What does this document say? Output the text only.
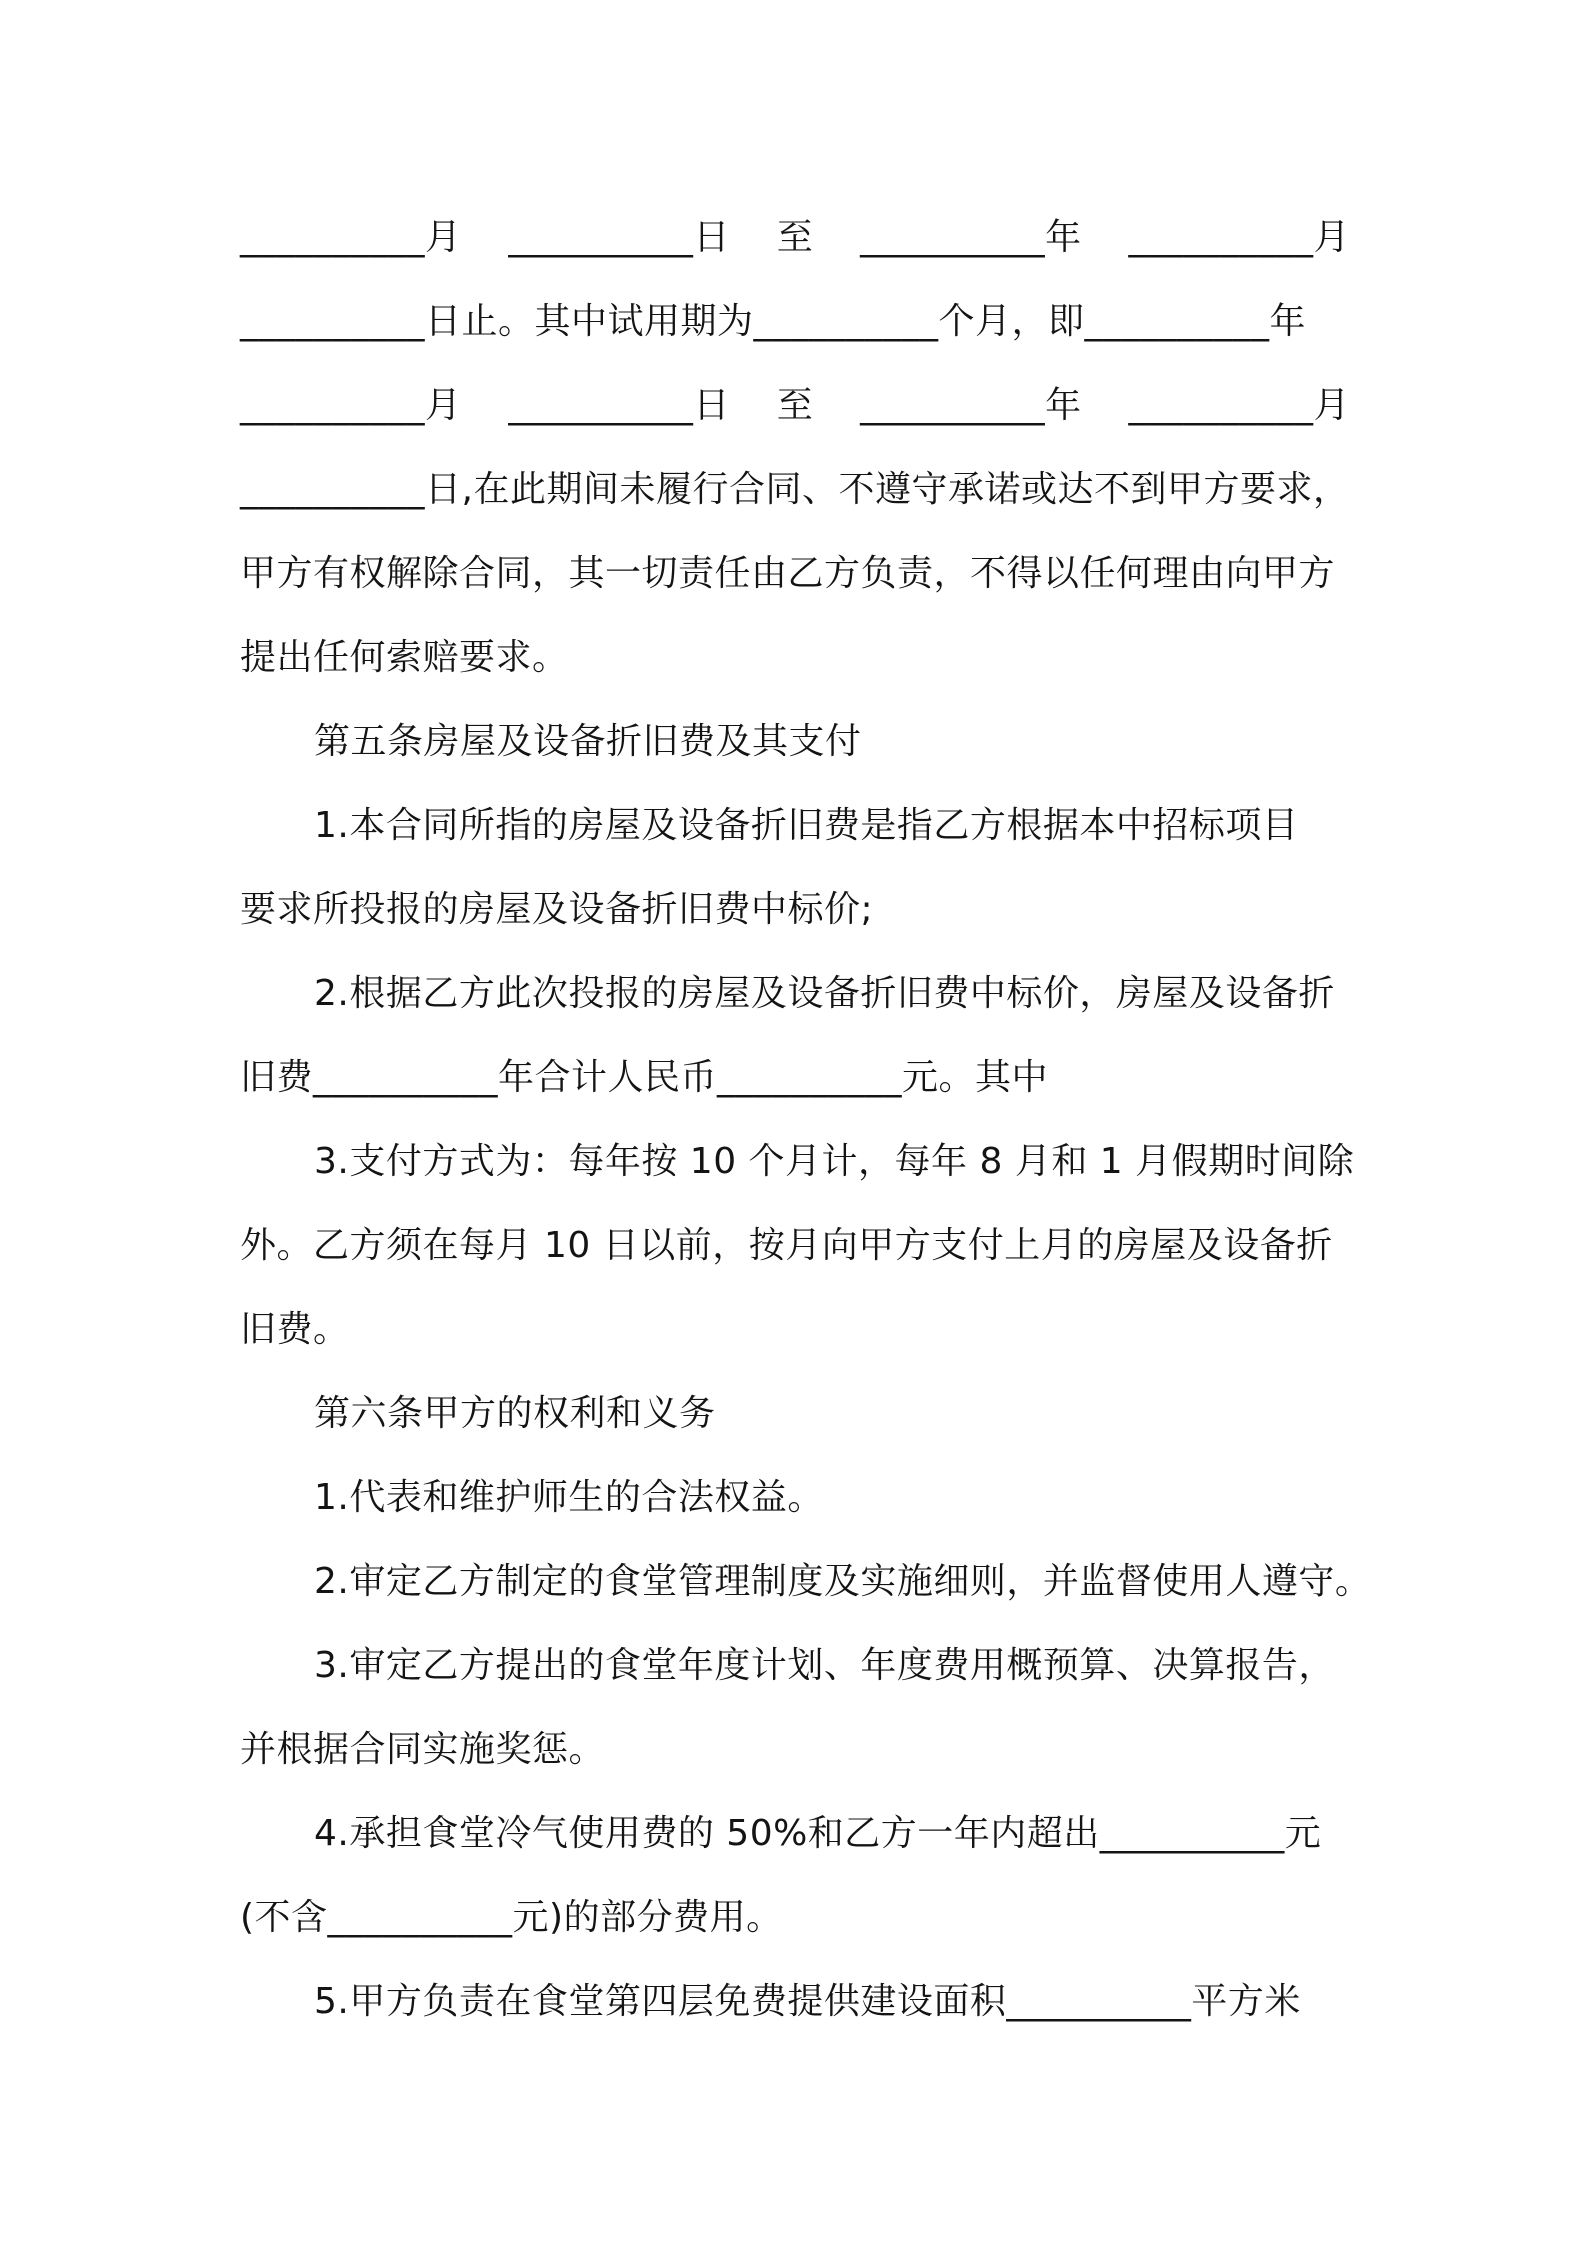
__________月 __________日 至 __________年 __________月
__________日止。其中试用期为__________个月，即__________年
__________月 __________日 至 __________年 __________月
__________日,在此期间未履行合同、不遵守承诺或达不到甲方要求，
甲方有权解除合同，其一切责任由乙方负责，不得以任何理由向甲方
提出任何索赔要求。
第五条房屋及设备折旧费及其支付
1.本合同所指的房屋及设备折旧费是指乙方根据本中招标项目
要求所投报的房屋及设备折旧费中标价;
2.根据乙方此次投报的房屋及设备折旧费中标价，房屋及设备折
旧费__________年合计人民币__________元。其中
3.支付方式为：每年按 10 个月计，每年 8 月和 1 月假期时间除
外。乙方须在每月 10 日以前，按月向甲方支付上月的房屋及设备折
旧费。
第六条甲方的权利和义务
1.代表和维护师生的合法权益。
2.审定乙方制定的食堂管理制度及实施细则，并监督使用人遵守。
3.审定乙方提出的食堂年度计划、年度费用概预算、决算报告，
并根据合同实施奖惩。
4.承担食堂冷气使用费的 50%和乙方一年内超出__________元
(不含__________元)的部分费用。
5.甲方负责在食堂第四层免费提供建设面积__________平方米
